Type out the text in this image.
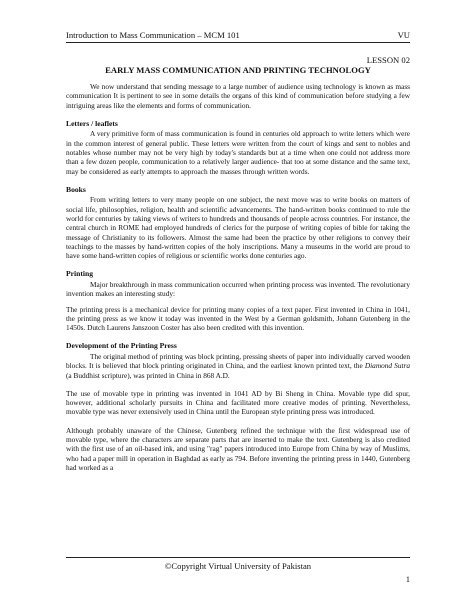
Introduction to Mass Communication – MCM 101	VU
LESSON 02
EARLY MASS COMMUNICATION AND PRINTING TECHNOLOGY

We now understand that sending message to a large number of audience using technology is known as mass communication It is pertinent to see in some details the organs of this kind of communication before studying a few intriguing areas like the elements and forms of communication.

Letters / leaflets

A very primitive form of mass communication is found in centuries old approach to write letters which were in the common interest of general public. These letters were written from the court of kings and sent to nobles and notables whose number may not be very high by today's standards but at a time when one could not address more than a few dozen people, communication to a relatively larger audience- that too at some distance and the same text, may be considered as early attempts to approach the masses through written words.

Books

From writing letters to very many people on one subject, the next move was to write books on matters of social life, philosophies, religion, health and scientific advancements. The hand-written books continued to rule the world for centuries by taking views of writers to hundreds and thousands of people across countries. For instance, the central church in ROME had employed hundreds of clerics for the purpose of writing copies of bible for taking the message of Christianity to its followers. Almost the same had been the practice by other religions to convey their teachings to the masses by hand-written copies of the holy inscriptions. Many a museums in the world are proud to have some hand-written copies of religious or scientific works done centuries ago.

Printing

Major breakthrough in mass communication occurred when printing process was invented. The revolutionary invention makes an interesting study:

The printing press is a mechanical device for printing many copies of a text paper. First invented in China in 1041, the printing press as we know it today was invented in the West by a German goldsmith, Johann Gutenberg in the 1450s. Dutch Laurens Janszoon Coster has also been credited with this invention.

Development of the Printing Press

The original method of printing was block printing, pressing sheets of paper into individually carved wooden blocks. It is believed that block printing originated in China, and the earliest known printed text, the Diamond Sutra (a Buddhist scripture), was printed in China in 868 A.D.

The use of movable type in printing was invented in 1041 AD by Bi Sheng in China. Movable type did spur, however, additional scholarly pursuits in China and facilitated more creative modes of printing. Nevertheless, movable type was never extensively used in China until the European style printing press was introduced.

Although probably unaware of the Chinese, Gutenberg refined the technique with the first widespread use of movable type, where the characters are separate parts that are inserted to make the text. Gutenberg is also credited with the first use of an oil-based ink, and using "rag" papers introduced into Europe from China by way of Muslims, who had a paper mill in operation in Baghdad as early as 794. Before inventing the printing press in 1440, Gutenberg had worked as a

©Copyright Virtual University of Pakistan
1
